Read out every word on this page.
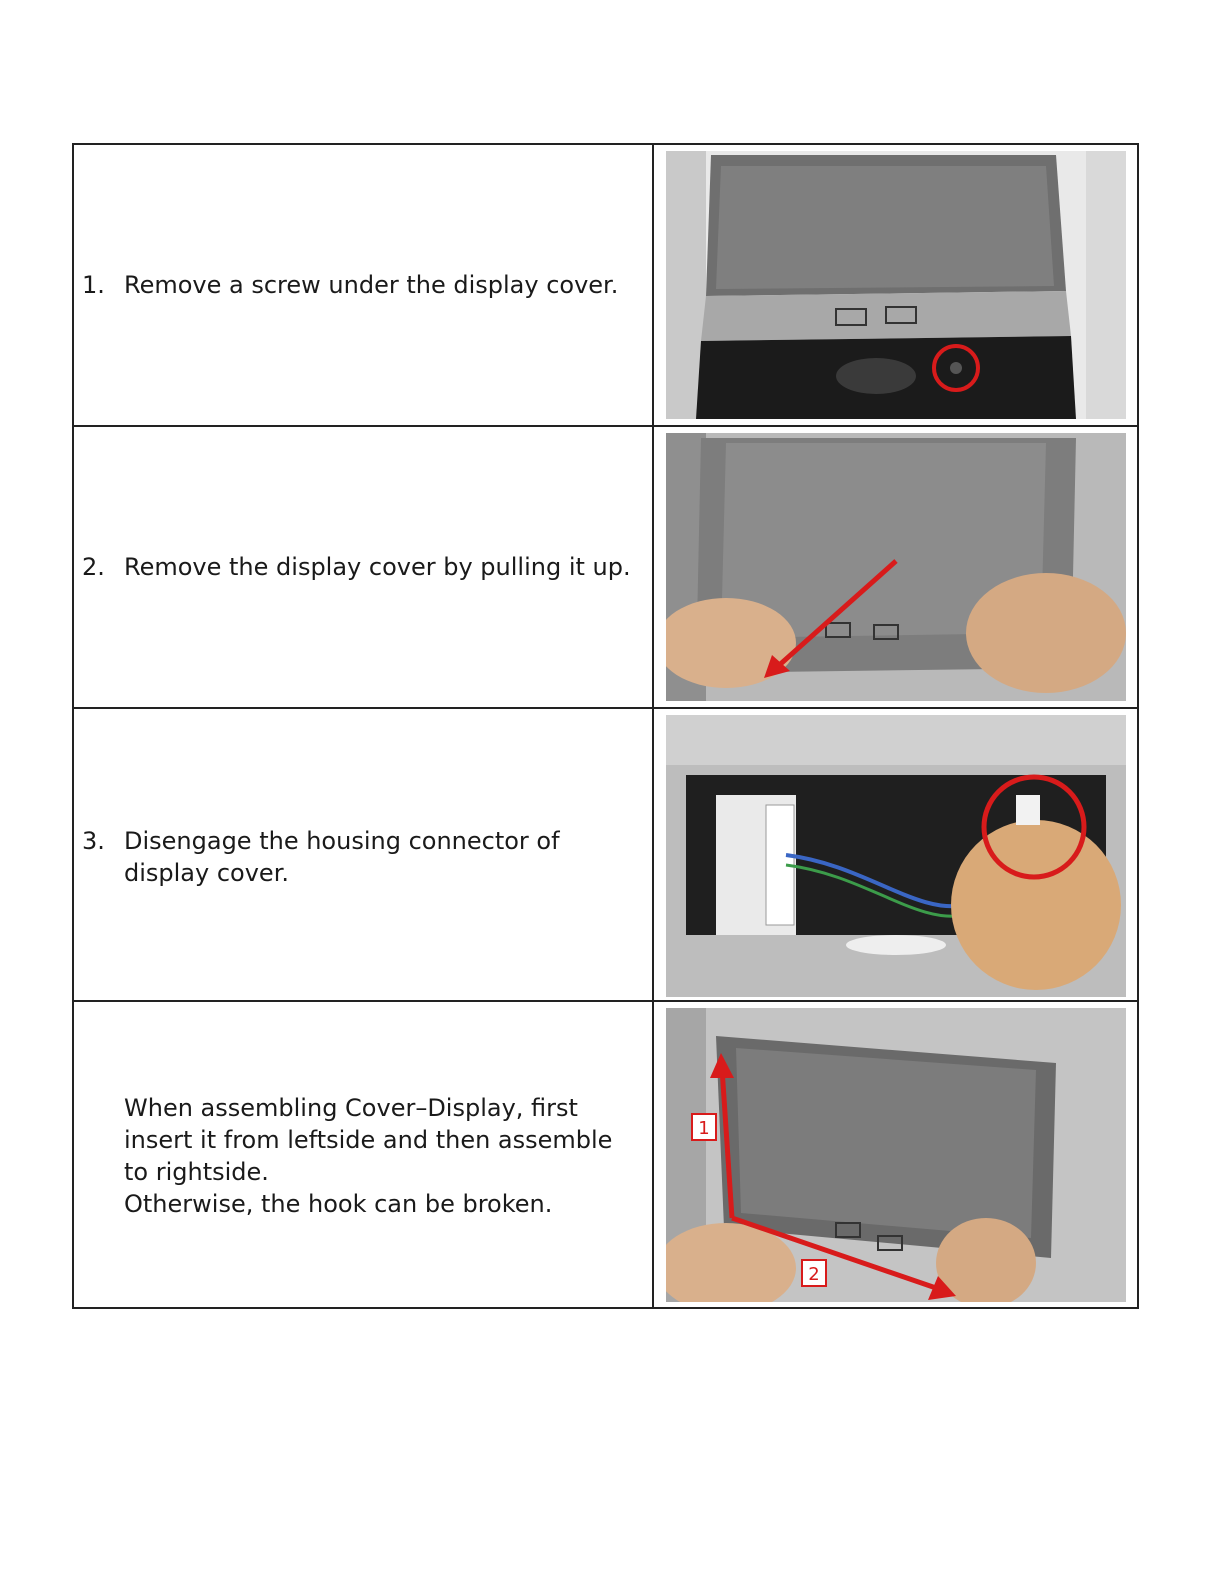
1. Remove a screw under the display cover.
2. Remove the display cover by pulling it up.
3. Disengage the housing connector of display cover.
When assembling Cover–Display, first insert it from leftside and then assemble to rightside.
Otherwise, the hook can be broken.
1
2
